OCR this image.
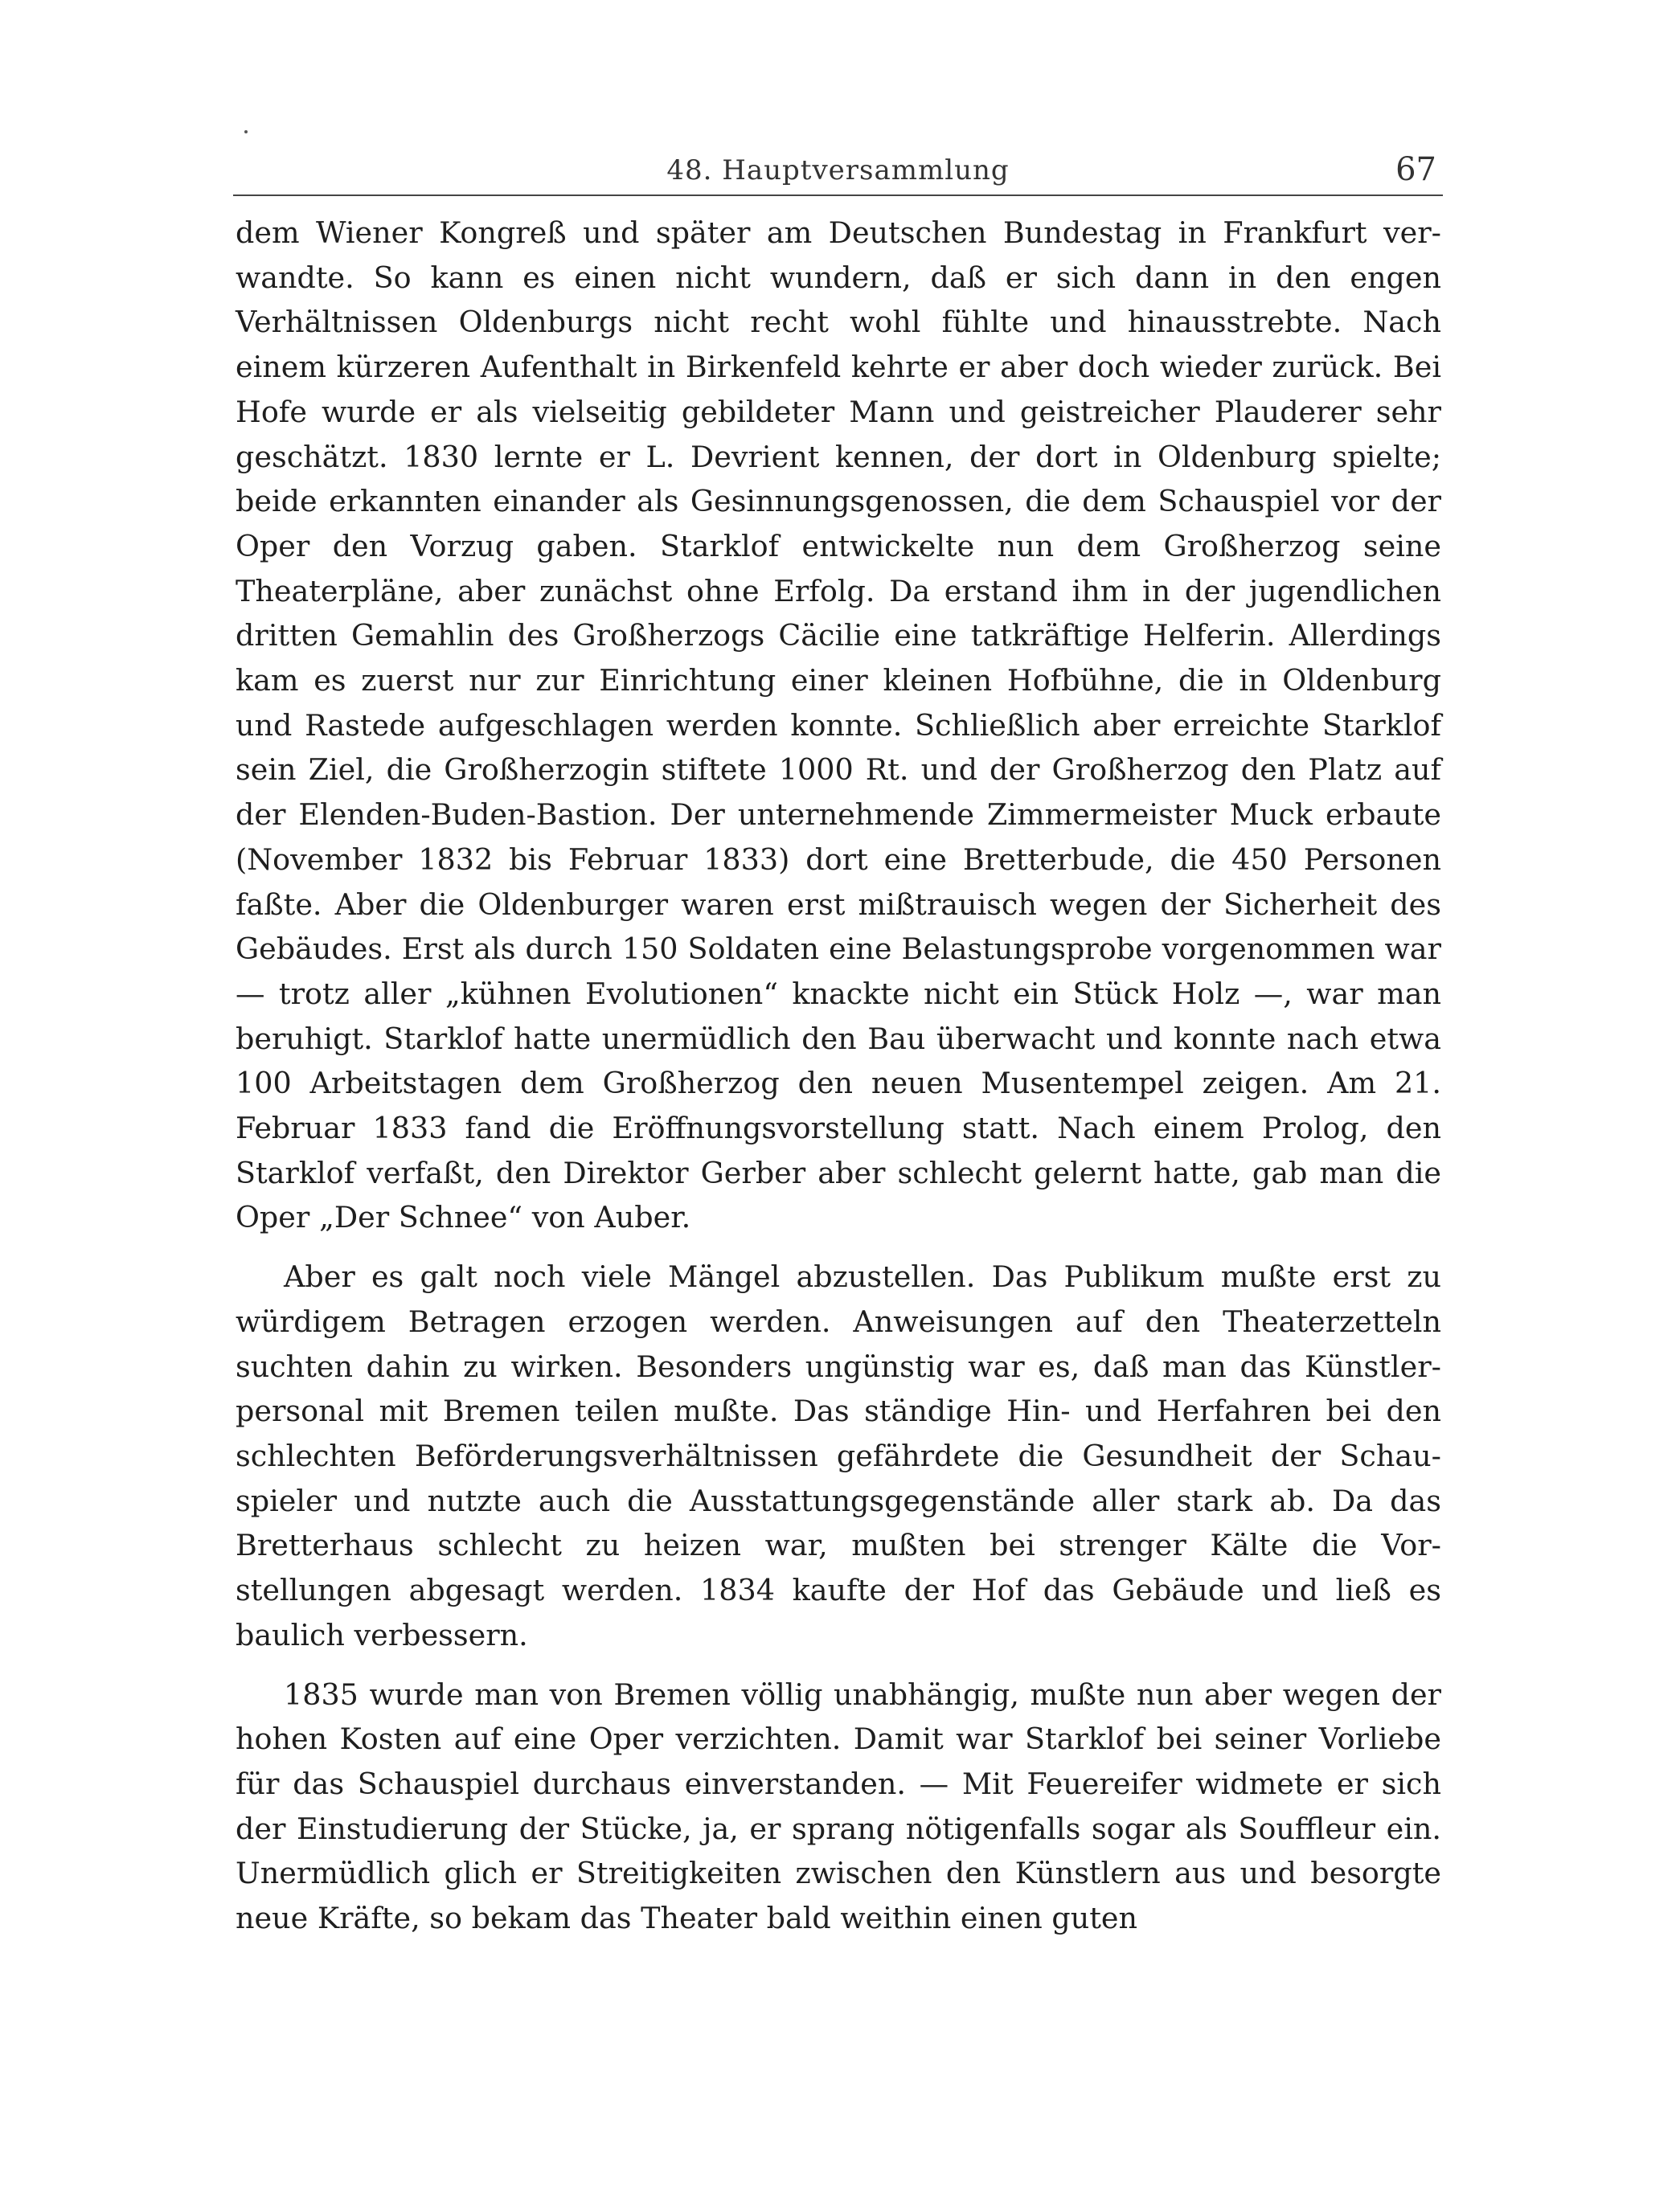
48. Hauptversammlung	67

dem Wiener Kongreß und später am Deutschen Bundestag in Frankfurt verwandte. So kann es einen nicht wundern, daß er sich dann in den engen Verhältnissen Oldenburgs nicht recht wohl fühlte und hinausstrebte. Nach einem kürzeren Aufenthalt in Birkenfeld kehrte er aber doch wieder zurück. Bei Hofe wurde er als vielseitig gebildeter Mann und geistreicher Plauderer sehr geschätzt. 1830 lernte er L. Devrient kennen, der dort in Oldenburg spielte; beide erkannten einander als Gesinnungsgenossen, die dem Schauspiel vor der Oper den Vorzug gaben. Starklof entwickelte nun dem Großherzog seine Theaterpläne, aber zunächst ohne Erfolg. Da erstand ihm in der jugendlichen dritten Gemahlin des Großherzogs Cäcilie eine tatkräftige Helferin. Allerdings kam es zuerst nur zur Einrichtung einer kleinen Hofbühne, die in Oldenburg und Rastede aufgeschlagen werden konnte. Schließlich aber erreichte Starklof sein Ziel, die Großherzogin stiftete 1000 Rt. und der Großherzog den Platz auf der Elenden-Buden-Bastion. Der unternehmende Zimmermeister Muck erbaute (November 1832 bis Februar 1833) dort eine Bretterbude, die 450 Personen faßte. Aber die Oldenburger waren erst mißtrauisch wegen der Sicherheit des Gebäudes. Erst als durch 150 Soldaten eine Belastungsprobe vorgenommen war — trotz aller „kühnen Evolutionen“ knackte nicht ein Stück Holz —, war man beruhigt. Starklof hatte unermüdlich den Bau überwacht und konnte nach etwa 100 Arbeitstagen dem Großherzog den neuen Musentempel zeigen. Am 21. Februar 1833 fand die Eröffnungsvorstellung statt. Nach einem Prolog, den Starklof verfaßt, den Direktor Gerber aber schlecht gelernt hatte, gab man die Oper „Der Schnee“ von Auber.

Aber es galt noch viele Mängel abzustellen. Das Publikum mußte erst zu würdigem Betragen erzogen werden. Anweisungen auf den Theaterzetteln suchten dahin zu wirken. Besonders ungünstig war es, daß man das Künstlerpersonal mit Bremen teilen mußte. Das ständige Hin- und Herfahren bei den schlechten Beförderungsverhältnissen gefährdete die Gesundheit der Schauspieler und nutzte auch die Ausstattungsgegenstände aller stark ab. Da das Bretterhaus schlecht zu heizen war, mußten bei strenger Kälte die Vorstellungen abgesagt werden. 1834 kaufte der Hof das Gebäude und ließ es baulich verbessern.

1835 wurde man von Bremen völlig unabhängig, mußte nun aber wegen der hohen Kosten auf eine Oper verzichten. Damit war Starklof bei seiner Vorliebe für das Schauspiel durchaus einverstanden. — Mit Feuereifer widmete er sich der Einstudierung der Stücke, ja, er sprang nötigenfalls sogar als Souffleur ein. Unermüdlich glich er Streitigkeiten zwischen den Künstlern aus und besorgte neue Kräfte, so bekam das Theater bald weithin einen guten
